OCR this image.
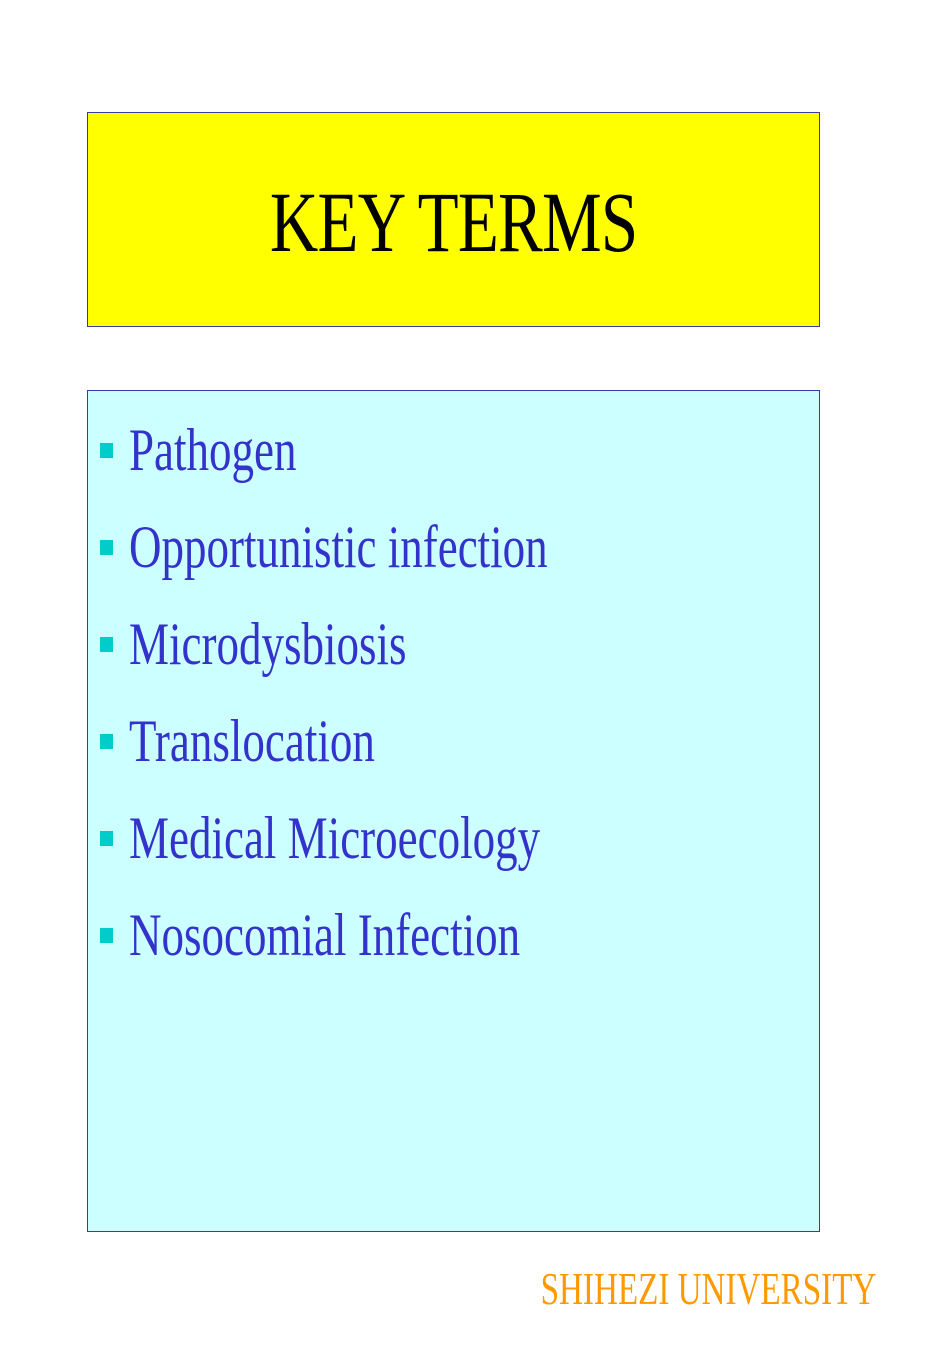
KEY TERMS
Pathogen
Opportunistic infection
Microdysbiosis
Translocation
Medical Microecology
Nosocomial Infection
SHIHEZI UNIVERSITY
